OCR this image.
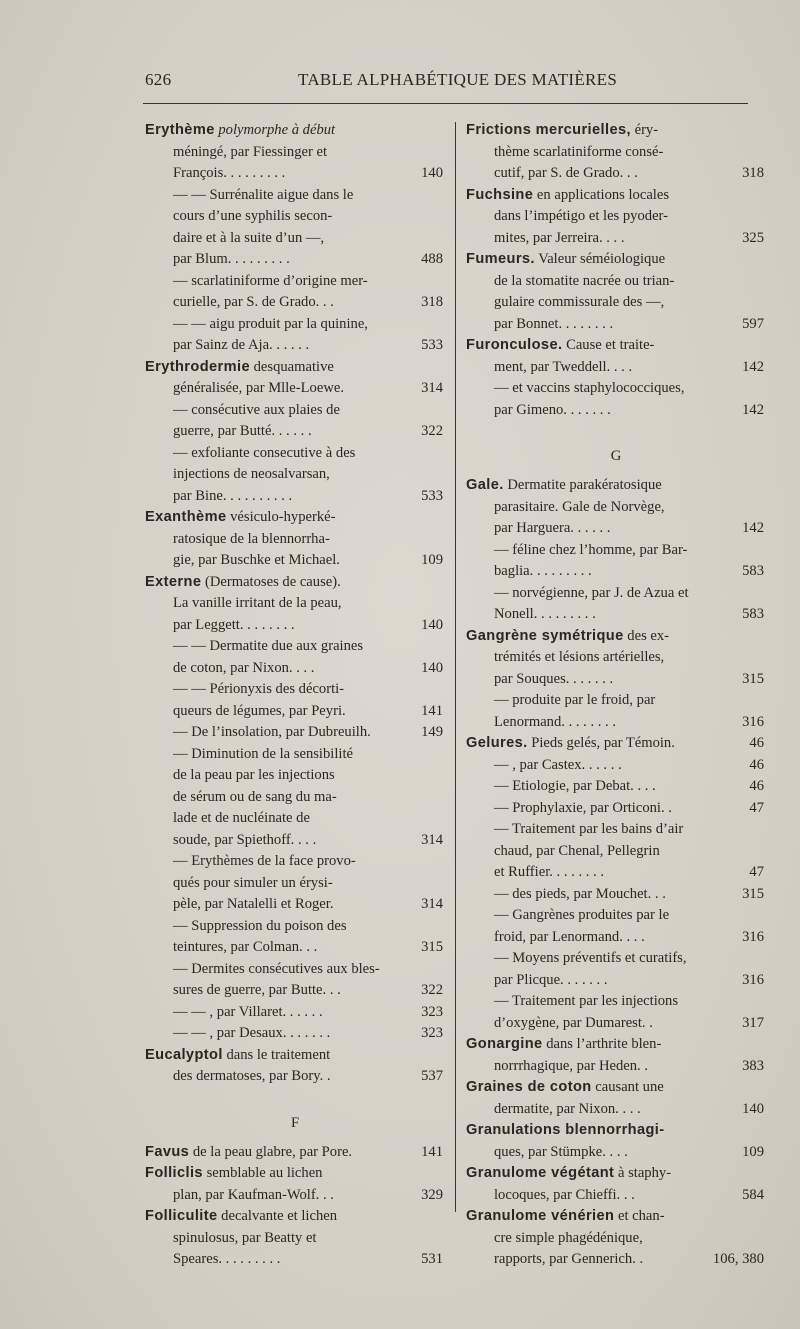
626	TABLE ALPHABÉTIQUE DES MATIÈRES
Erythème polymorphe à début
méningé, par Fiessinger et
François. . . . . . . . .	140
— — Surrénalite aigue dans le
cours d’une syphilis secon-
daire et à la suite d’un —,
par Blum. . . . . . . . .	488
— scarlatiniforme d’origine mer-
curielle, par S. de Grado. . .	318
— — aigu produit par la quinine,
par Sainz de Aja. . . . . .	533
Erythrodermie desquamative
généralisée, par Mlle-Loewe.	314
— consécutive aux plaies de
guerre, par Butté. . . . . .	322
— exfoliante consecutive à des
injections de neosalvarsan,
par Bine. . . . . . . . . .	533
Exanthème vésiculo-hyperké-
ratosique de la blennorrha-
gie, par Buschke et Michael.	109
Externe (Dermatoses de cause).
La vanille irritant de la peau,
par Leggett. . . . . . . .	140
— — Dermatite due aux graines
de coton, par Nixon. . . .	140
— — Périonyxis des décorti-
queurs de légumes, par Peyri.	141
— De l’insolation, par Dubreuilh.	149
— Diminution de la sensibilité
de la peau par les injections
de sérum ou de sang du ma-
lade et de nucléinate de
soude, par Spiethoff. . . .	314
— Erythèmes de la face provo-
qués pour simuler un érysi-
pèle, par Natalelli et Roger.	314
— Suppression du poison des
teintures, par Colman. . .	315
— Dermites consécutives aux bles-
sures de guerre, par Butte. . .	322
— — , par Villaret. . . . . .	323
— — , par Desaux. . . . . . .	323
Eucalyptol dans le traitement
des dermatoses, par Bory. .	537
F
Favus de la peau glabre, par Pore.	141
Folliclis semblable au lichen
plan, par Kaufman-Wolf. . .	329
Folliculite decalvante et lichen
spinulosus, par Beatty et
Speares. . . . . . . . .	531
Frictions mercurielles, éry-
thème scarlatiniforme consé-
cutif, par S. de Grado. . .	318
Fuchsine en applications locales
dans l’impétigo et les pyoder-
mites, par Jerreira. . . .	325
Fumeurs. Valeur séméiologique
de la stomatite nacrée ou trian-
gulaire commissurale des —,
par Bonnet. . . . . . . .	597
Furonculose. Cause et traite-
ment, par Tweddell. . . .	142
— et vaccins staphylococciques,
par Gimeno. . . . . . .	142
G
Gale. Dermatite parakératosique
parasitaire. Gale de Norvège,
par Harguera. . . . . .	142
— féline chez l’homme, par Bar-
baglia. . . . . . . . .	583
— norvégienne, par J. de Azua et
Nonell. . . . . . . . .	583
Gangrène symétrique des ex-
trémités et lésions artérielles,
par Souques. . . . . . .	315
— produite par le froid, par
Lenormand. . . . . . . .	316
Gelures. Pieds gelés, par Témoin.	46
— , par Castex. . . . . .	46
— Etiologie, par Debat. . . .	46
— Prophylaxie, par Orticoni. .	47
— Traitement par les bains d’air
chaud, par Chenal, Pellegrin
et Ruffier. . . . . . . .	47
— des pieds, par Mouchet. . .	315
— Gangrènes produites par le
froid, par Lenormand. . . .	316
— Moyens préventifs et curatifs,
par Plicque. . . . . . .	316
— Traitement par les injections
d’oxygène, par Dumarest. .	317
Gonargine dans l’arthrite blen-
norrrhagique, par Heden. .	383
Graines de coton causant une
dermatite, par Nixon. . . .	140
Granulations blennorrhagi-
ques, par Stümpke. . . .	109
Granulome végétant à staphy-
locoques, par Chieffi. . .	584
Granulome vénérien et chan-
cre simple phagédénique,
rapports, par Gennerich. .	106, 380
